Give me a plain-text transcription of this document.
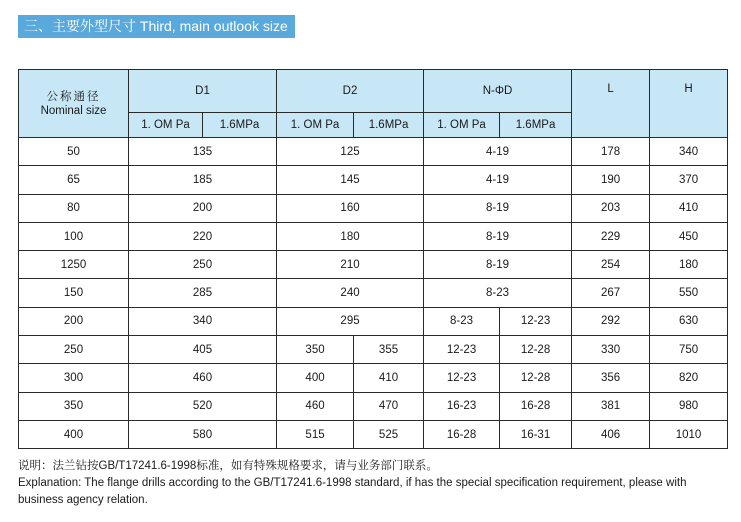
三、主要外型尺寸 Third, main outlook size
公称通径
Nominal size	D1		D2		N-ΦD		L	H
	1. OM Pa	1.6MPa	1. OM Pa	1.6MPa	1. OM Pa	1.6MPa		
50	135		125		4-19		178	340
65	185		145		4-19		190	370
80	200		160		8-19		203	410
100	220		180		8-19		229	450
1250	250		210		8-19		254	180
150	285		240		8-23		267	550
200	340		295		8-23	12-23	292	630
250	405		350	355	12-23	12-28	330	750
300	460		400	410	12-23	12-28	356	820
350	520		460	470	16-23	16-28	381	980
400	580		515	525	16-28	16-31	406	1010
说明：法兰钻按GB/T17241.6-1998标准，如有特殊规格要求，请与业务部门联系。
Explanation: The flange drills according to the GB/T17241.6-1998 standard, if has the special specification requirement, please with business agency relation.
